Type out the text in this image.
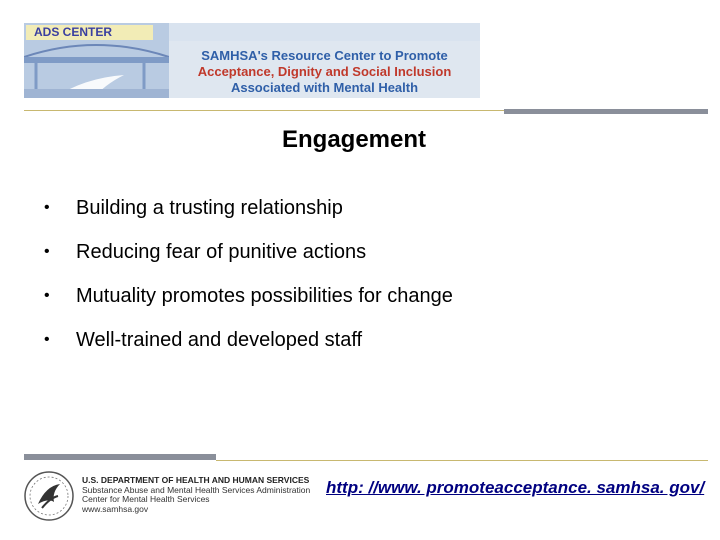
ADS CENTER
SAMHSA's Resource Center to Promote
Acceptance, Dignity and Social Inclusion
Associated with Mental Health
Engagement
• Building a trusting relationship
• Reducing fear of punitive actions
• Mutuality promotes possibilities for change
• Well-trained and developed staff
U.S. DEPARTMENT OF HEALTH AND HUMAN SERVICES
Substance Abuse and Mental Health Services Administration
Center for Mental Health Services
www.samhsa.gov
http: //www. promoteacceptance. samhsa. gov/
